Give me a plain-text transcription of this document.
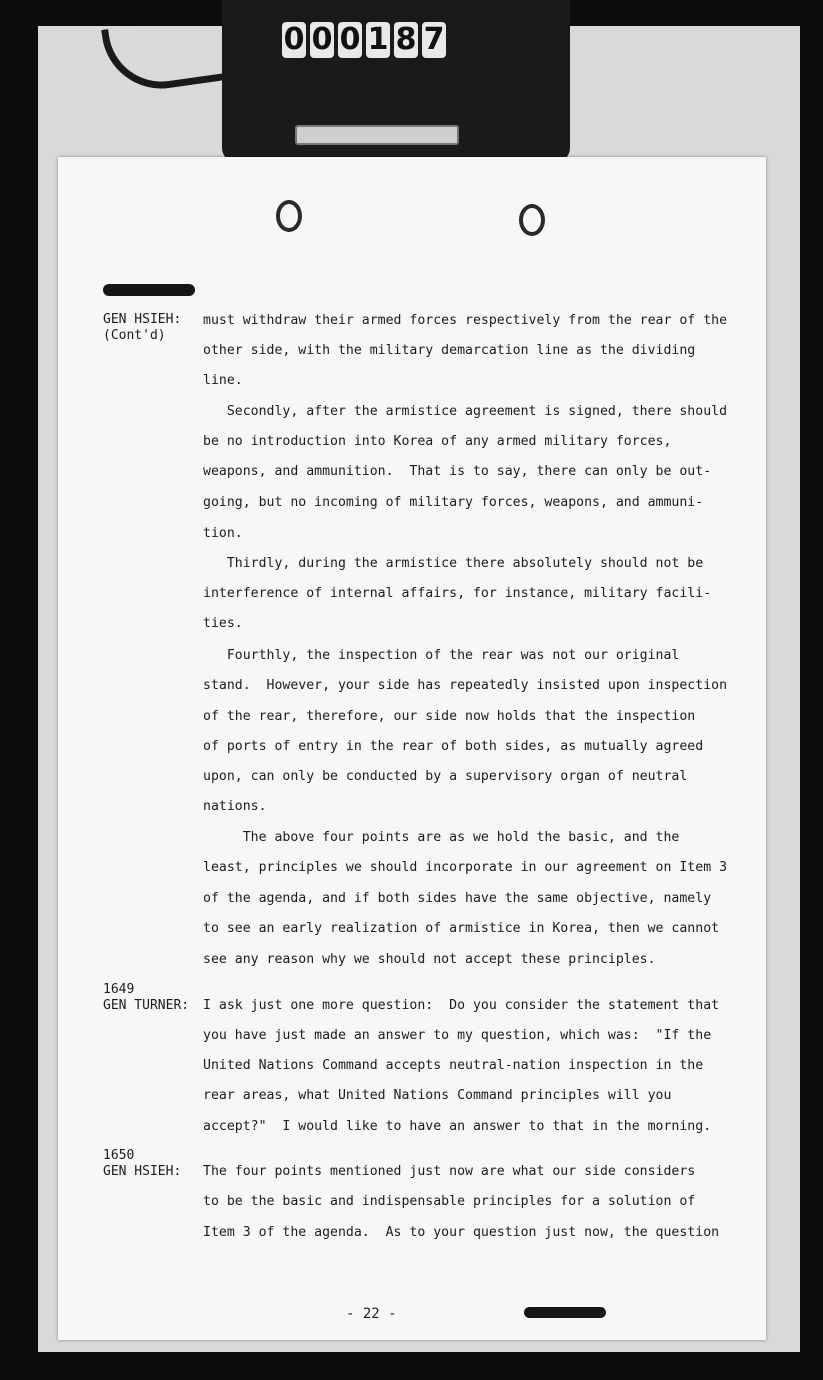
0 0 0 1 8 7
GEN HSIEH:
(Cont'd)
1649
GEN TURNER:
1650
GEN HSIEH:
must withdraw their armed forces respectively from the rear of the
other side, with the military demarcation line as the dividing
line.
Secondly, after the armistice agreement is signed, there should
be no introduction into Korea of any armed military forces,
weapons, and ammunition.  That is to say, there can only be out-
going, but no incoming of military forces, weapons, and ammuni-
tion.
Thirdly, during the armistice there absolutely should not be
interference of internal affairs, for instance, military facili-
ties.
Fourthly, the inspection of the rear was not our original
stand.  However, your side has repeatedly insisted upon inspection
of the rear, therefore, our side now holds that the inspection
of ports of entry in the rear of both sides, as mutually agreed
upon, can only be conducted by a supervisory organ of neutral
nations.
The above four points are as we hold the basic, and the
least, principles we should incorporate in our agreement on Item 3
of the agenda, and if both sides have the same objective, namely
to see an early realization of armistice in Korea, then we cannot
see any reason why we should not accept these principles.
I ask just one more question:  Do you consider the statement that
you have just made an answer to my question, which was:  "If the
United Nations Command accepts neutral-nation inspection in the
rear areas, what United Nations Command principles will you
accept?"  I would like to have an answer to that in the morning.
The four points mentioned just now are what our side considers
to be the basic and indispensable principles for a solution of
Item 3 of the agenda.  As to your question just now, the question
- 22 -
